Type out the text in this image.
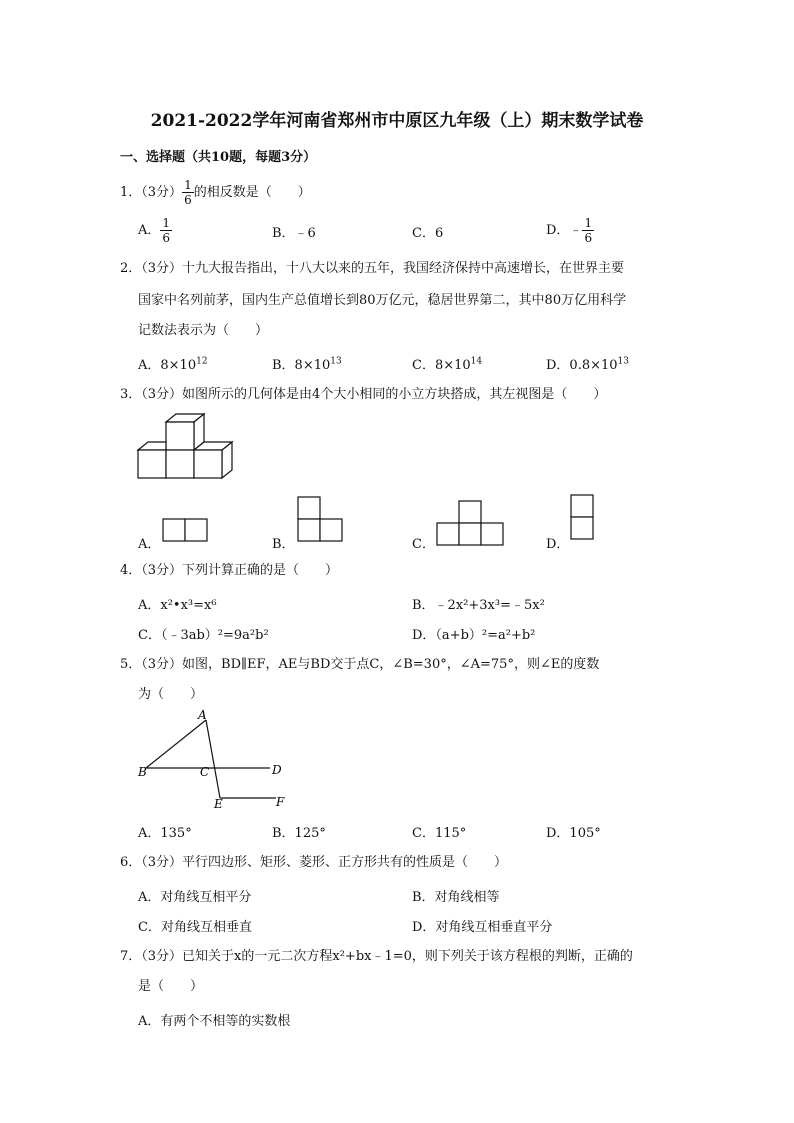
2021-2022学年河南省郑州市中原区九年级（上）期末数学试卷
一、选择题（共10题，每题3分）
1．（3分） $\frac{1}{6}$ 的相反数是（　　）
A． $\frac{1}{6}$	B．﹣6	C．6	D．﹣ $\frac{1}{6}$
2．（3分）十九大报告指出，十八大以来的五年，我国经济保持中高速增长，在世界主要
国家中名列前茅，国内生产总值增长到80万亿元，稳居世界第二，其中80万亿用科学
记数法表示为（　　）
A．$8\times 10^{12}$	B．$8\times 10^{13}$	C．$8\times 10^{14}$	D．$0.8\times 10^{13}$
3．（3分）如图所示的几何体是由4个大小相同的小立方块搭成，其左视图是（　　）
A．	B．	C．	D．
4．（3分）下列计算正确的是（　　）
A．x²•x³=x⁶	B．﹣2x²+3x³=﹣5x²
C．（﹣3ab）²=9a²b²	D．（a+b）²=a²+b²
5．（3分）如图，BD∥EF，AE与BD交于点C，∠B=30°，∠A=75°，则∠E的度数
为（　　）
A
B	C	D
E	F
A．135°	B．125°	C．115°	D．105°
6．（3分）平行四边形、矩形、菱形、正方形共有的性质是（　　）
A．对角线互相平分	B．对角线相等
C．对角线互相垂直	D．对角线互相垂直平分
7．（3分）已知关于x的一元二次方程x²+bx﹣1=0，则下列关于该方程根的判断，正确的
是（　　）
A．有两个不相等的实数根
